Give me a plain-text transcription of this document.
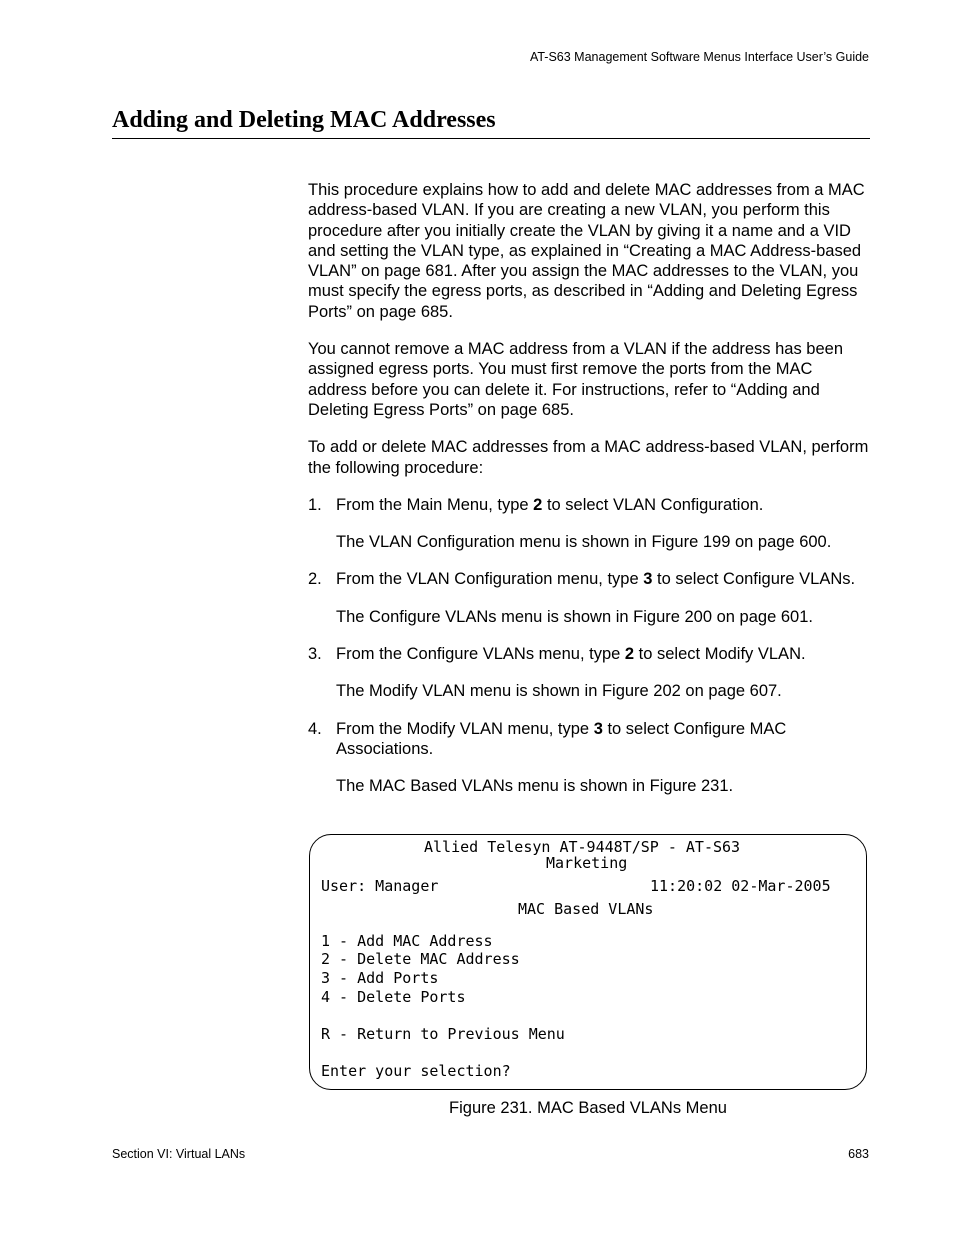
AT-S63 Management Software Menus Interface User’s Guide
Adding and Deleting MAC Addresses

This procedure explains how to add and delete MAC addresses from a MAC address-based VLAN. If you are creating a new VLAN, you perform this procedure after you initially create the VLAN by giving it a name and a VID and setting the VLAN type, as explained in “Creating a MAC Address-based VLAN” on page 681. After you assign the MAC addresses to the VLAN, you must specify the egress ports, as described in “Adding and Deleting Egress Ports” on page 685.

You cannot remove a MAC address from a VLAN if the address has been assigned egress ports. You must first remove the ports from the MAC address before you can delete it. For instructions, refer to “Adding and Deleting Egress Ports” on page 685.

To add or delete MAC addresses from a MAC address-based VLAN, perform the following procedure:

1. From the Main Menu, type 2 to select VLAN Configuration.
The VLAN Configuration menu is shown in Figure 199 on page 600.
2. From the VLAN Configuration menu, type 3 to select Configure VLANs.
The Configure VLANs menu is shown in Figure 200 on page 601.
3. From the Configure VLANs menu, type 2 to select Modify VLAN.
The Modify VLAN menu is shown in Figure 202 on page 607.
4. From the Modify VLAN menu, type 3 to select Configure MAC Associations.
The MAC Based VLANs menu is shown in Figure 231.
Allied Telesyn AT-9448T/SP - AT-S63
Marketing
User: Manager	11:20:02 02-Mar-2005
MAC Based VLANs
1 - Add MAC Address
2 - Delete MAC Address
3 - Add Ports
4 - Delete Ports
R - Return to Previous Menu
Enter your selection?
Figure 231. MAC Based VLANs Menu
Section VI: Virtual LANs	683
